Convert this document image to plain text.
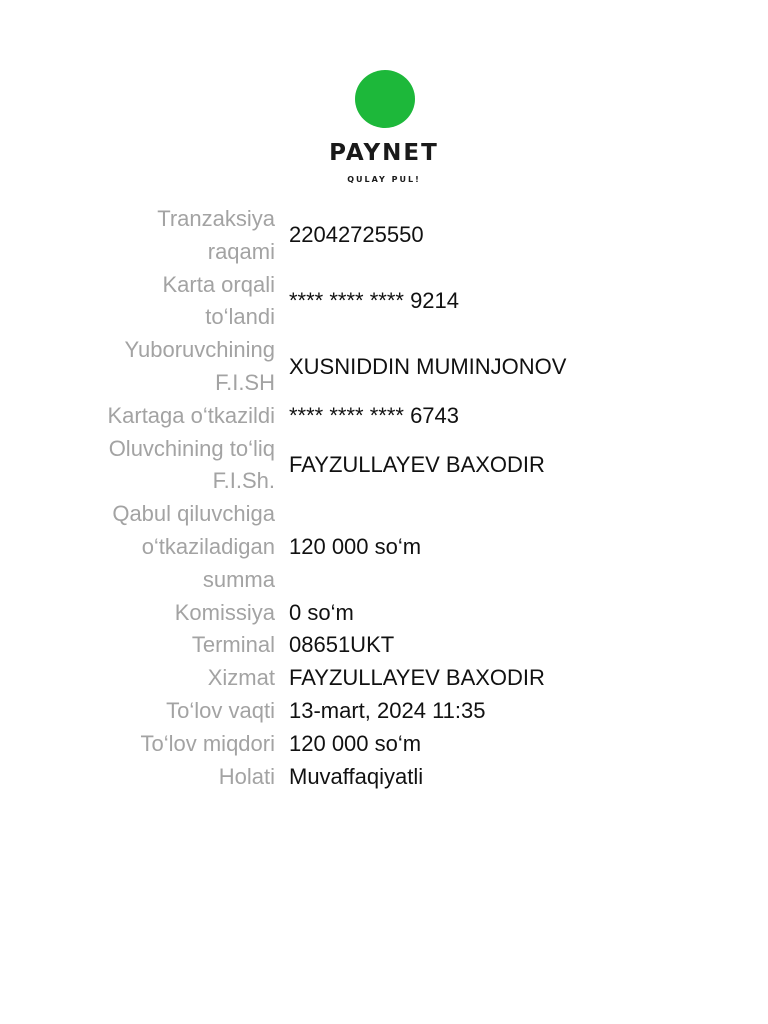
PAYNET
QULAY PUL!
Tranzaksiya
raqami
22042725550
Karta orqali
to‘landi
**** **** **** 9214
Yuboruvchining
F.I.SH
XUSNIDDIN MUMINJONOV
Kartaga o‘tkazildi **** **** **** 6743
Oluvchining to‘liq
F.I.Sh.
FAYZULLAYEV BAXODIR
Qabul qiluvchiga
o‘tkaziladigan
summa
120 000 so‘m
Komissiya 0 so‘m
Terminal 08651UKT
Xizmat FAYZULLAYEV BAXODIR
To‘lov vaqti 13-mart, 2024 11:35
To‘lov miqdori 120 000 so‘m
Holati Muvaffaqiyatli
